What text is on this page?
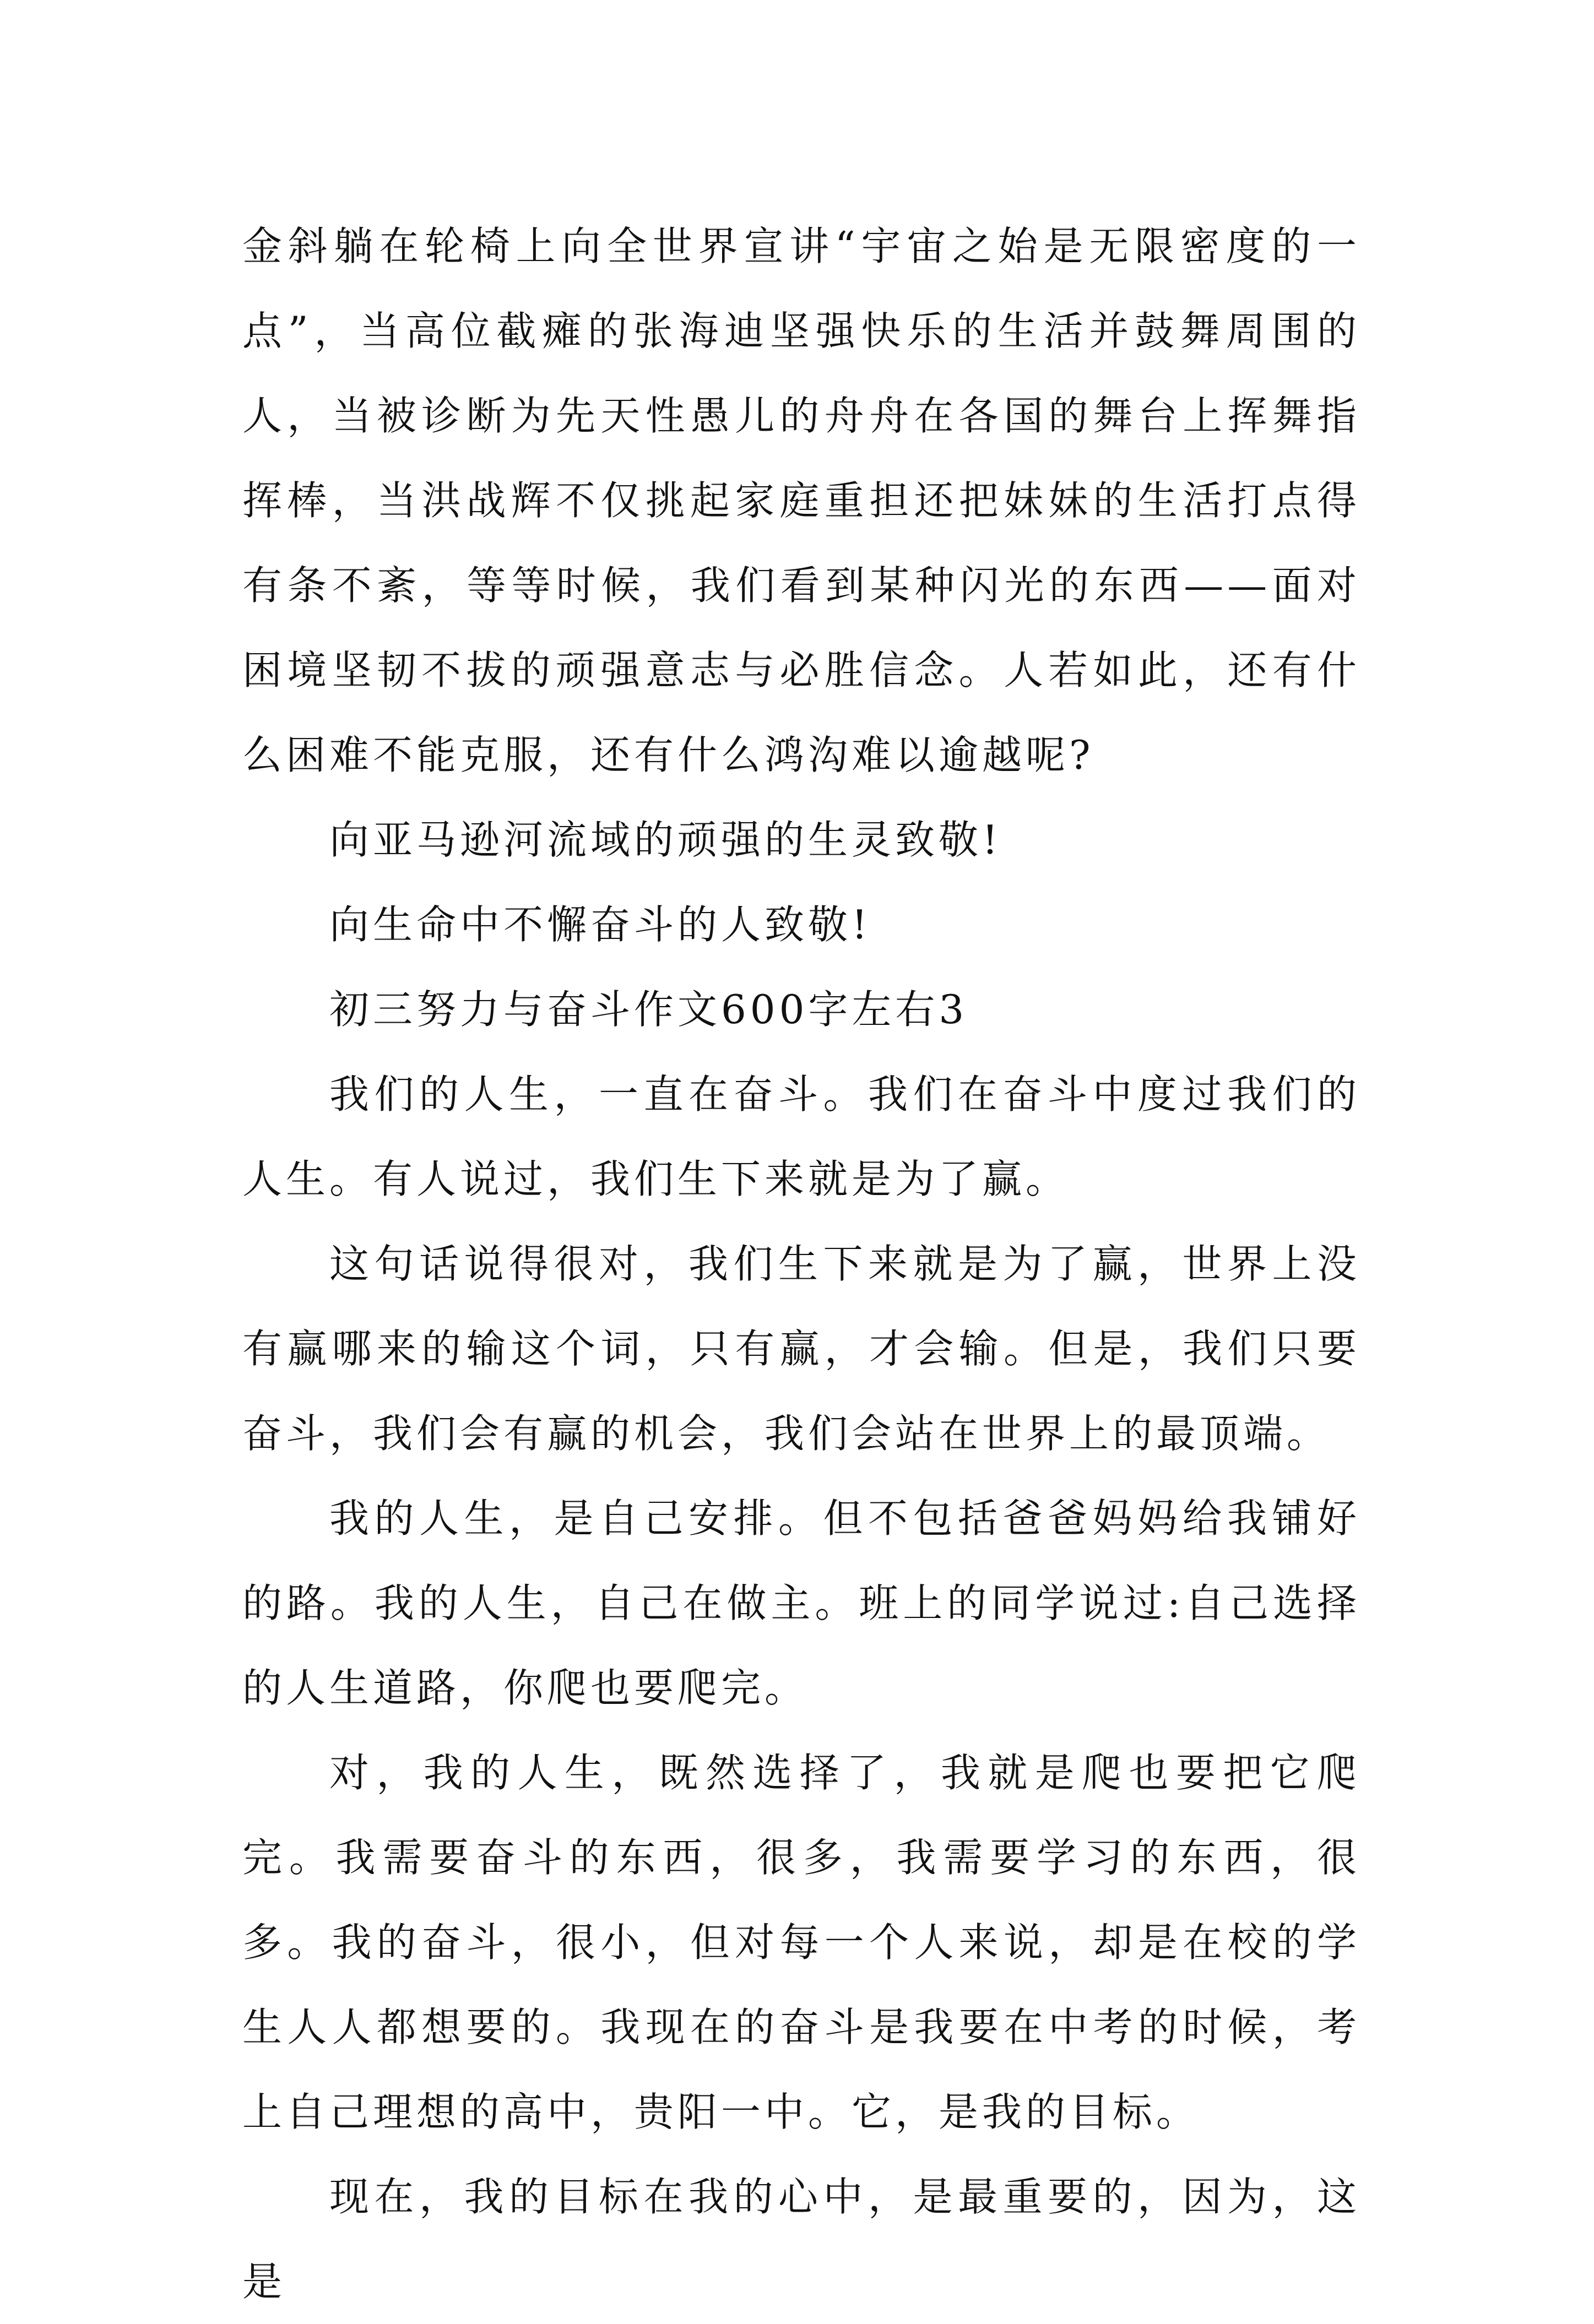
金斜躺在轮椅上向全世界宣讲“宇宙之始是无限密度的一点”，当高位截瘫的张海迪坚强快乐的生活并鼓舞周围的人，当被诊断为先天性愚儿的舟舟在各国的舞台上挥舞指挥棒，当洪战辉不仅挑起家庭重担还把妹妹的生活打点得有条不紊，等等时候，我们看到某种闪光的东西——面对困境坚韧不拔的顽强意志与必胜信念。人若如此，还有什么困难不能克服，还有什么鸿沟难以逾越呢?

向亚马逊河流域的顽强的生灵致敬!

向生命中不懈奋斗的人致敬!

初三努力与奋斗作文600字左右3

我们的人生，一直在奋斗。我们在奋斗中度过我们的人生。有人说过，我们生下来就是为了赢。

这句话说得很对，我们生下来就是为了赢，世界上没有赢哪来的输这个词，只有赢，才会输。但是，我们只要奋斗，我们会有赢的机会，我们会站在世界上的最顶端。

我的人生，是自己安排。但不包括爸爸妈妈给我铺好的路。我的人生，自己在做主。班上的同学说过:自己选择的人生道路，你爬也要爬完。

对，我的人生，既然选择了，我就是爬也要把它爬完。我需要奋斗的东西，很多，我需要学习的东西，很多。我的奋斗，很小，但对每一个人来说，却是在校的学生人人都想要的。我现在的奋斗是我要在中考的时候，考上自己理想的高中，贵阳一中。它，是我的目标。

现在，我的目标在我的心中，是最重要的，因为，这是
